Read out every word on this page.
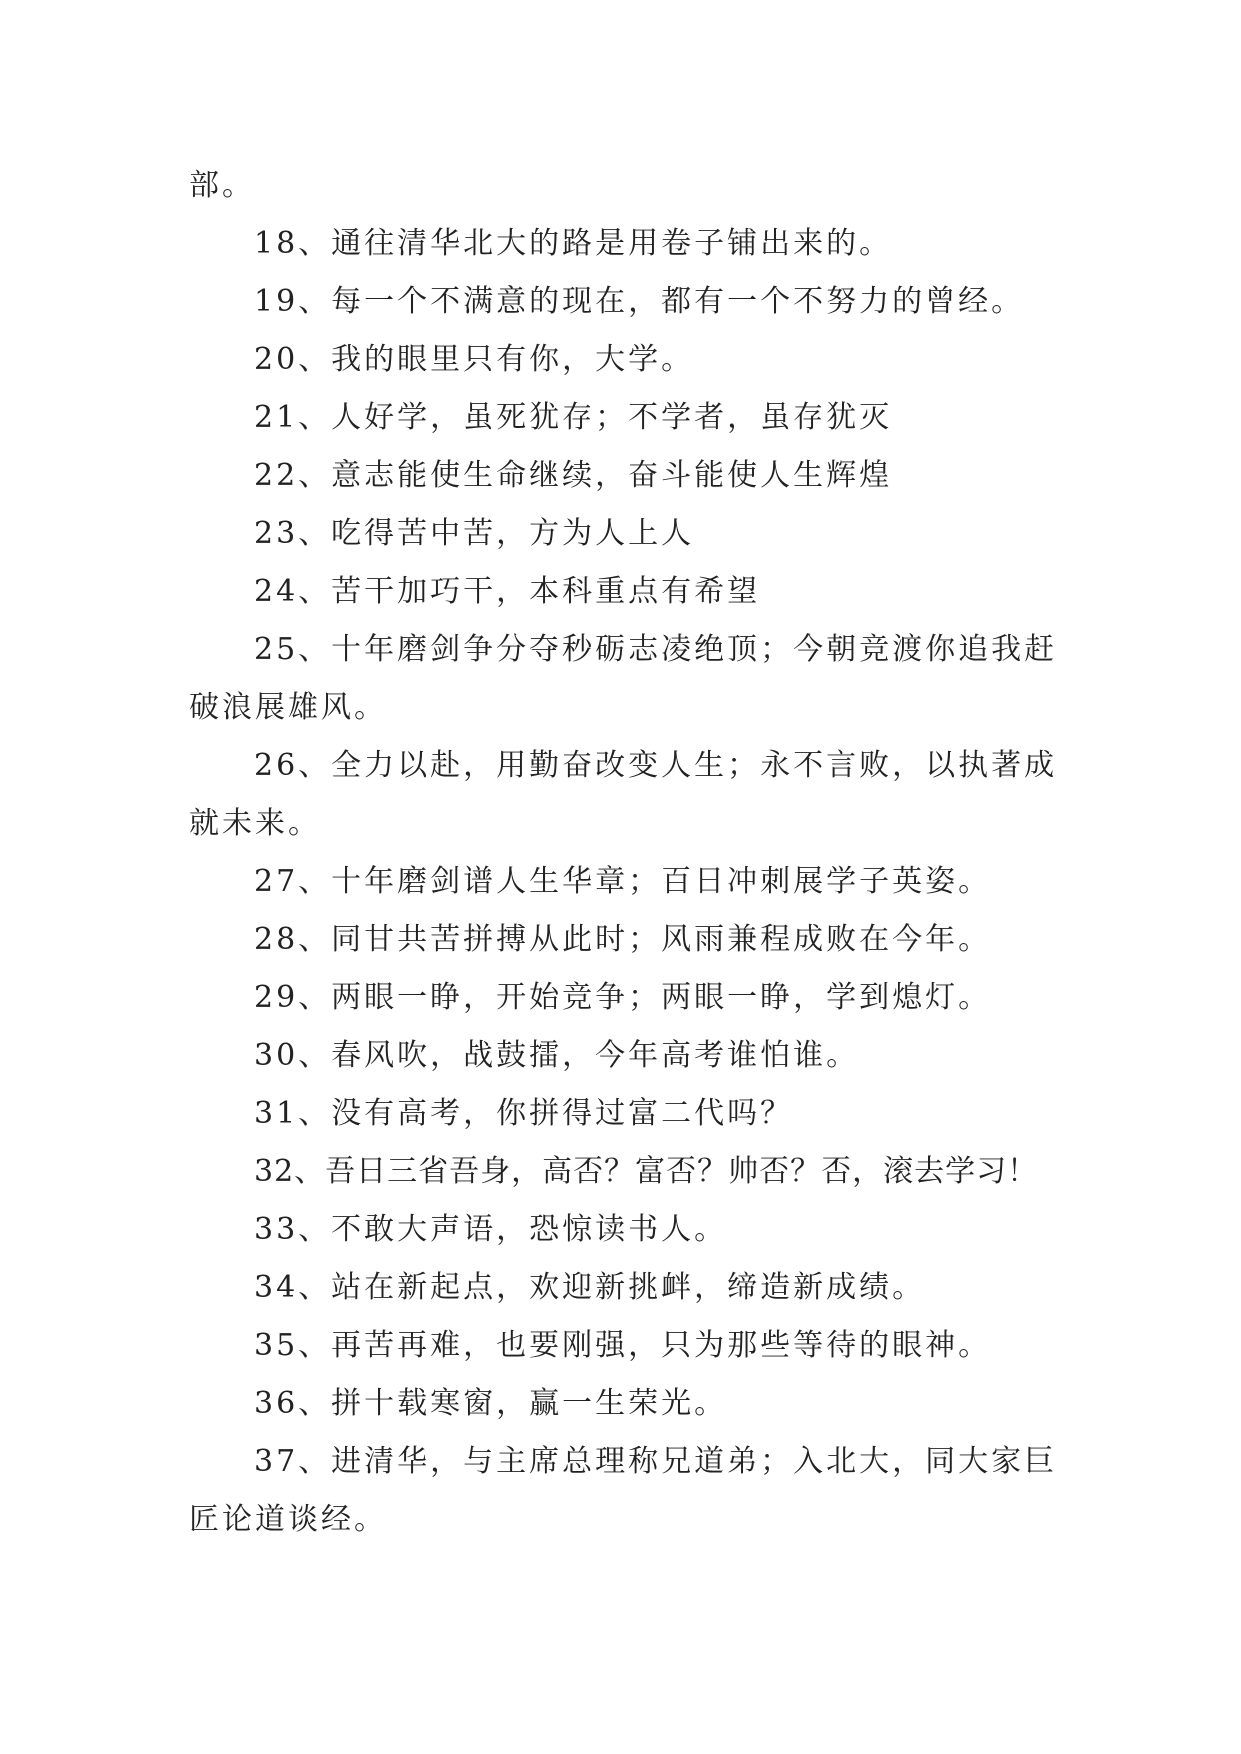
部。
18、通往清华北大的路是用卷子铺出来的。
19、每一个不满意的现在，都有一个不努力的曾经。
20、我的眼里只有你，大学。
21、人好学，虽死犹存；不学者，虽存犹灭
22、意志能使生命继续，奋斗能使人生辉煌
23、吃得苦中苦，方为人上人
24、苦干加巧干，本科重点有希望
25、十年磨剑争分夺秒砺志凌绝顶；今朝竞渡你追我赶
破浪展雄风。
26、全力以赴，用勤奋改变人生；永不言败，以执著成
就未来。
27、十年磨剑谱人生华章；百日冲刺展学子英姿。
28、同甘共苦拼搏从此时；风雨兼程成败在今年。
29、两眼一睁，开始竞争；两眼一睁，学到熄灯。
30、春风吹，战鼓擂，今年高考谁怕谁。
31、没有高考，你拼得过富二代吗？
32、吾日三省吾身，高否？富否？帅否？否，滚去学习！
33、不敢大声语，恐惊读书人。
34、站在新起点，欢迎新挑衅，缔造新成绩。
35、再苦再难，也要刚强，只为那些等待的眼神。
36、拼十载寒窗，赢一生荣光。
37、进清华，与主席总理称兄道弟；入北大，同大家巨
匠论道谈经。
